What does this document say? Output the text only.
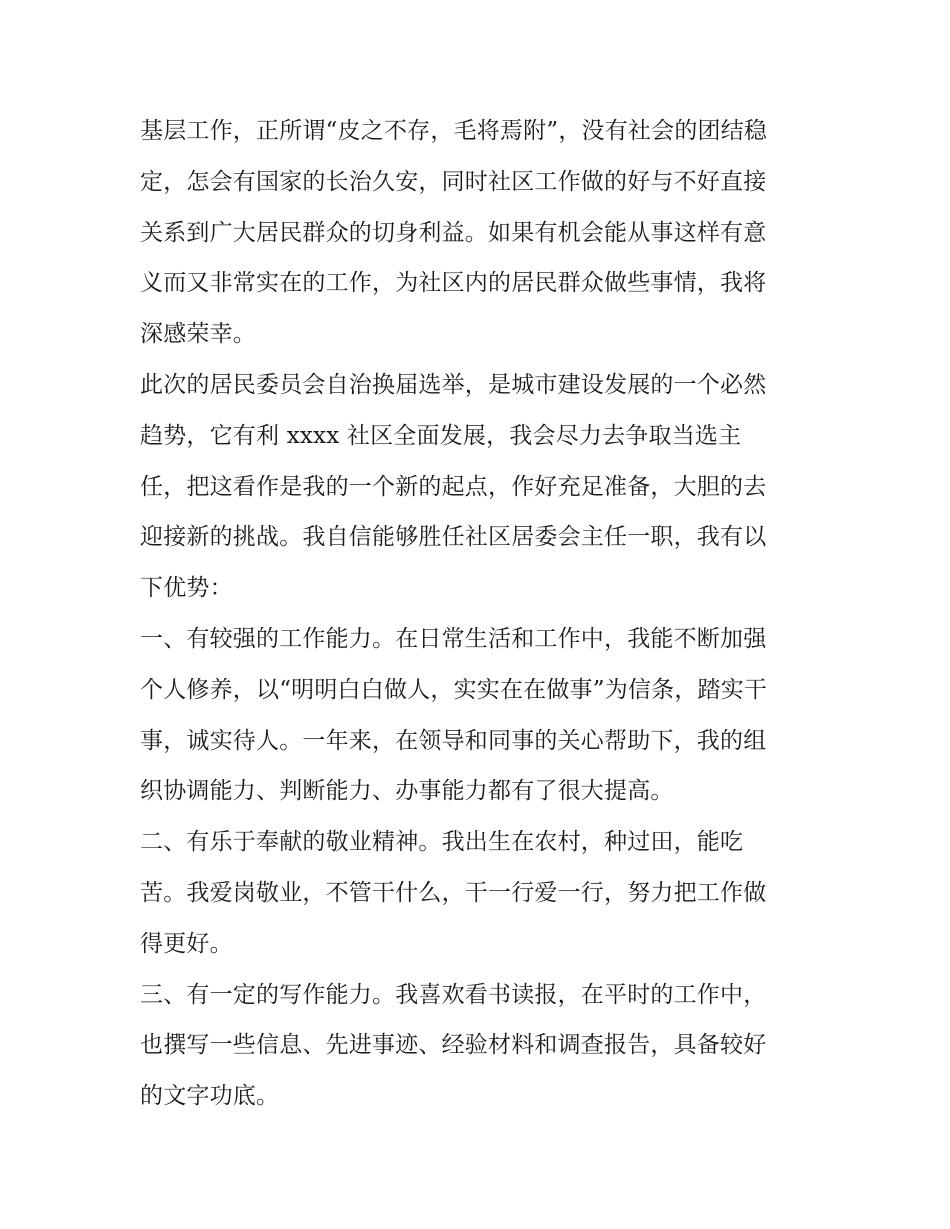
基层工作，正所谓“皮之不存，毛将焉附”，没有社会的团结稳
定，怎会有国家的长治久安，同时社区工作做的好与不好直接
关系到广大居民群众的切身利益。如果有机会能从事这样有意
义而又非常实在的工作，为社区内的居民群众做些事情，我将
深感荣幸。
此次的居民委员会自治换届选举，是城市建设发展的一个必然
趋势，它有利 xxxx 社区全面发展，我会尽力去争取当选主
任，把这看作是我的一个新的起点，作好充足准备，大胆的去
迎接新的挑战。我自信能够胜任社区居委会主任一职，我有以
下优势：
一、有较强的工作能力。在日常生活和工作中，我能不断加强
个人修养，以“明明白白做人，实实在在做事”为信条，踏实干
事，诚实待人。一年来，在领导和同事的关心帮助下，我的组
织协调能力、判断能力、办事能力都有了很大提高。
二、有乐于奉献的敬业精神。我出生在农村，种过田，能吃
苦。我爱岗敬业，不管干什么，干一行爱一行，努力把工作做
得更好。
三、有一定的写作能力。我喜欢看书读报，在平时的工作中，
也撰写一些信息、先进事迹、经验材料和调查报告，具备较好
的文字功底。
